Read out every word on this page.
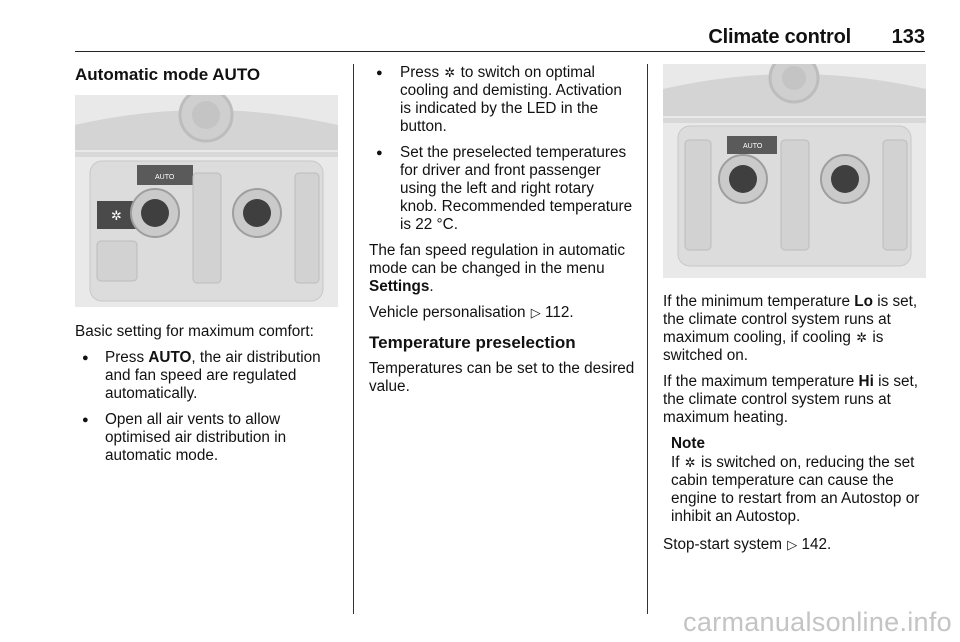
Climate control 133
Automatic mode AUTO
AUTO
✲

Basic setting for maximum comfort:

● Press AUTO, the air distribution and fan speed are regulated automatically.
● Open all air vents to allow optimised air distribution in automatic mode.
● Press ✲ to switch on optimal cooling and demisting. Activation is indicated by the LED in the button.
● Set the preselected temperatures for driver and front passenger using the left and right rotary knob. Recommended temperature is 22 °C.

The fan speed regulation in automatic mode can be changed in the menu Settings.

Vehicle personalisation ▷ 112.

Temperature preselection

Temperatures can be set to the desired value.

AUTO

If the minimum temperature Lo is set, the climate control system runs at maximum cooling, if cooling ✲ is switched on.

If the maximum temperature Hi is set, the climate control system runs at maximum heating.

Note
If ✲ is switched on, reducing the set cabin temperature can cause the engine to restart from an Autostop or inhibit an Autostop.

Stop-start system ▷ 142.

carmanualsonline.info
